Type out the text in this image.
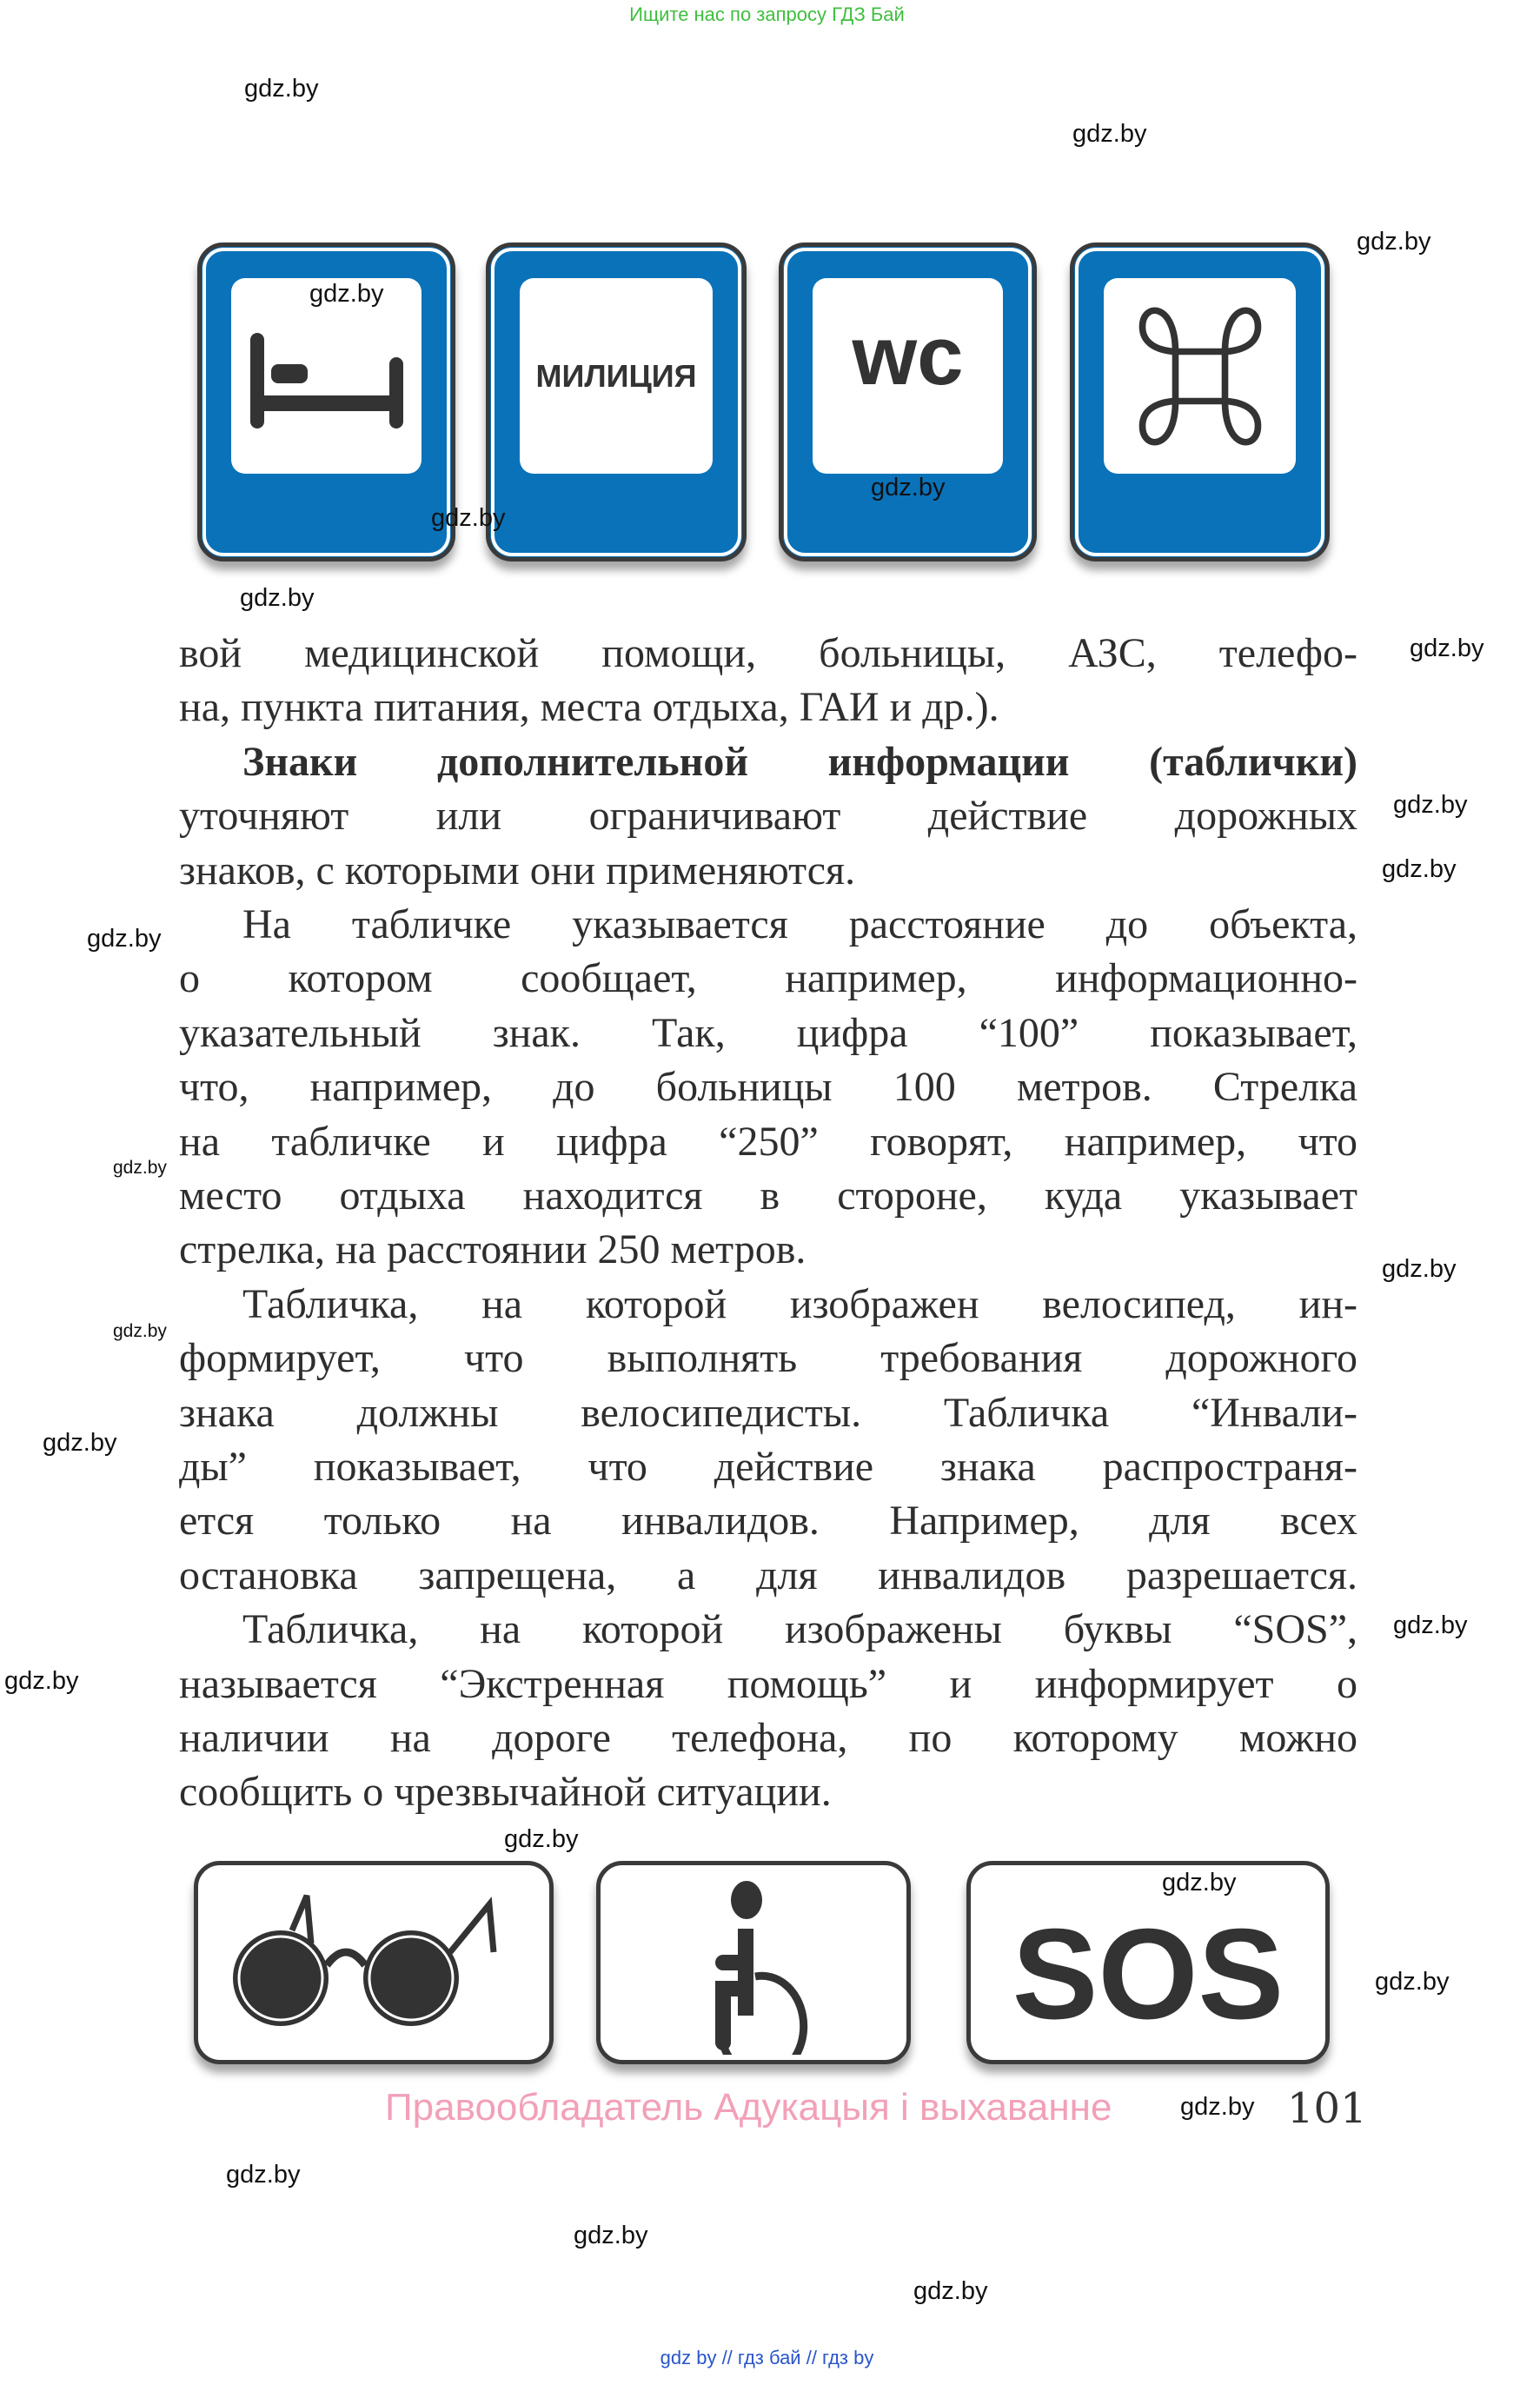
Ищите нас по запросу ГДЗ Бай
МИЛИЦИЯ wc
вой медицинской помощи, больницы, АЗС, телефо-
на, пункта питания, места отдыха, ГАИ и др.).
Знаки дополнительной информации (таблички)
уточняют или ограничивают действие дорожных
знаков, с которыми они применяются.
На табличке указывается расстояние до объекта,
о котором сообщает, например, информационно-
указательный знак. Так, цифра “100” показывает,
что, например, до больницы 100 метров. Стрелка
на табличке и цифра “250” говорят, например, что
место отдыха находится в стороне, куда указывает
стрелка, на расстоянии 250 метров.
Табличка, на которой изображен велосипед, ин-
формирует, что выполнять требования дорожного
знака должны велосипедисты. Табличка “Инвали-
ды” показывает, что действие знака распространя-
ется только на инвалидов. Например, для всех
остановка запрещена, а для инвалидов разрешается.
Табличка, на которой изображены буквы “SOS”,
называется “Экстренная помощь” и информирует о
наличии на дороге телефона, по которому можно
сообщить о чрезвычайной ситуации.
SOS
Правообладатель Адукацыя і выхаванне	101
gdz by // гдз бай // гдз by
gdz.by
gdz.by
gdz.by
gdz.by
gdz.by
gdz.by
gdz.by
gdz.by
gdz.by
gdz.by
gdz.by
gdz.by
gdz.by
gdz.by
gdz.by
gdz.by
gdz.by
gdz.by
gdz.by
gdz.by
gdz.by
gdz.by
gdz.by
gdz.by
